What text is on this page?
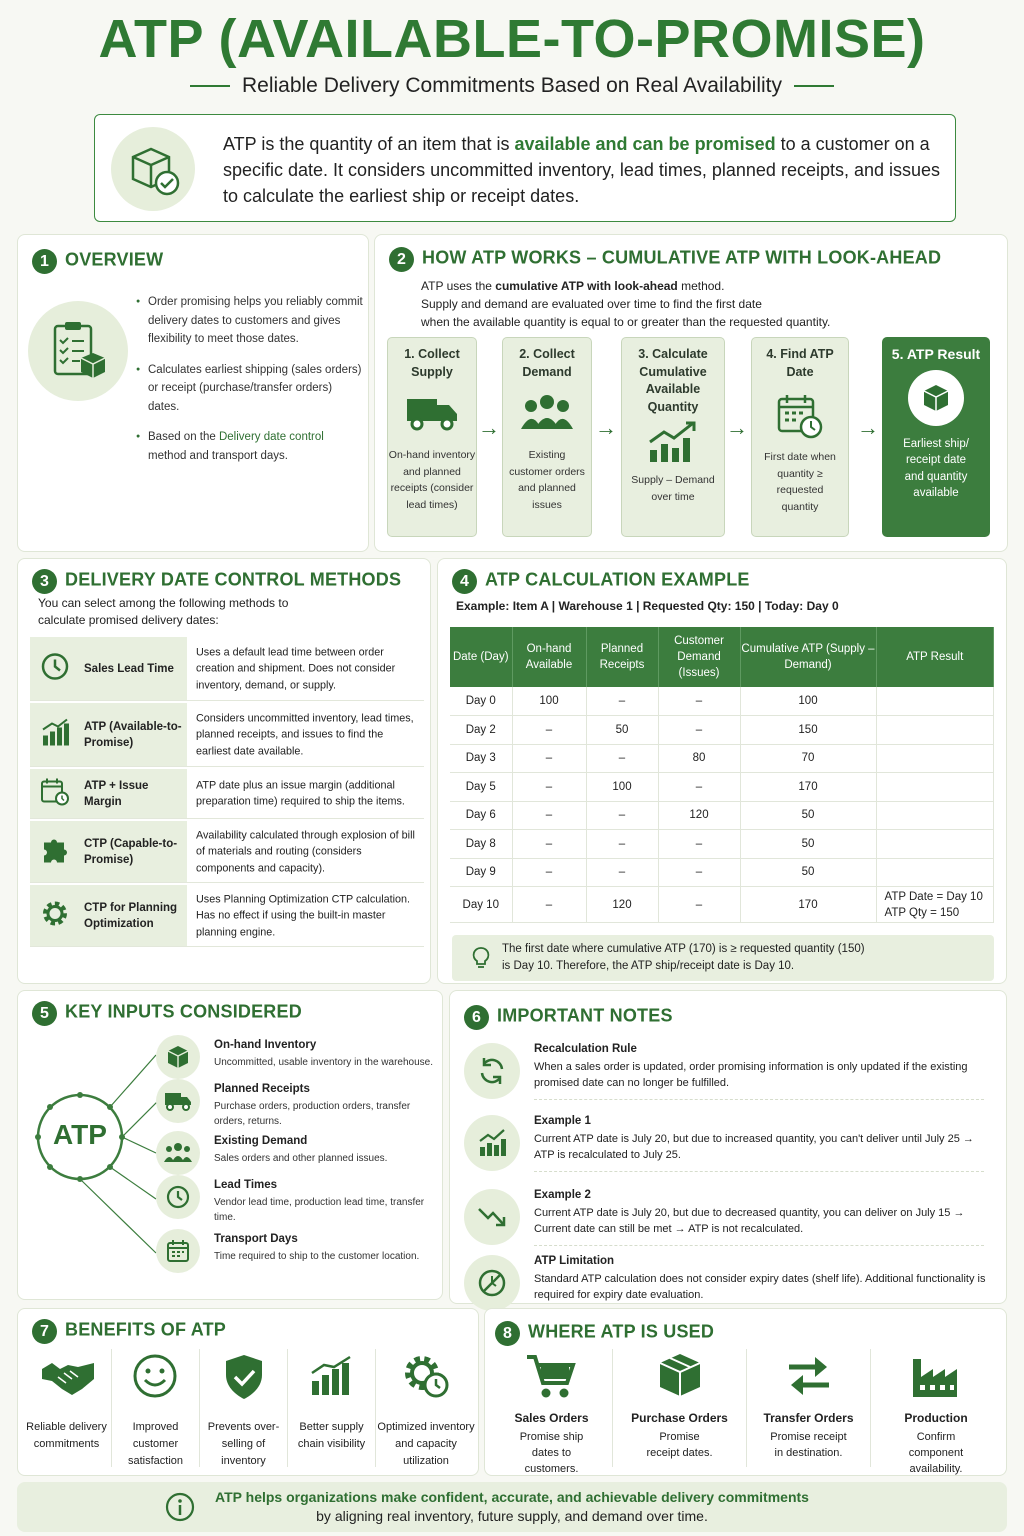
ATP (AVAILABLE-TO-PROMISE)
Reliable Delivery Commitments Based on Real Availability
ATP is the quantity of an item that is available and can be promised to a customer on a specific date. It considers uncommitted inventory, lead times, planned receipts, and issues to calculate the earliest ship or receipt dates.
1 OVERVIEW
● Order promising helps you reliably commit delivery dates to customers and gives flexibility to meet those dates.
● Calculates earliest shipping (sales orders) or receipt (purchase/transfer orders) dates.
● Based on the Delivery date control method and transport days.
2 HOW ATP WORKS – CUMULATIVE ATP WITH LOOK-AHEAD
ATP uses the cumulative ATP with look-ahead method.
Supply and demand are evaluated over time to find the first date
when the available quantity is equal to or greater than the requested quantity.
1. Collect Supply
On-hand inventory and planned receipts (consider lead times)
→
2. Collect Demand
Existing customer orders and planned issues
→
3. Calculate Cumulative Available Quantity
Supply – Demand over time
→
4. Find ATP Date
First date when quantity ≥ requested quantity
→
5. ATP Result
Earliest ship/ receipt date and quantity available
3 DELIVERY DATE CONTROL METHODS
You can select among the following methods to
calculate promised delivery dates:
Sales Lead Time
Uses a default lead time between order creation and shipment. Does not consider inventory, demand, or supply.
ATP (Available-to-Promise)
Considers uncommitted inventory, lead times, planned receipts, and issues to find the earliest date available.
ATP + Issue Margin
ATP date plus an issue margin (additional preparation time) required to ship the items.
CTP (Capable-to-Promise)
Availability calculated through explosion of bill of materials and routing (considers components and capacity).
CTP for Planning Optimization
Uses Planning Optimization CTP calculation. Has no effect if using the built-in master planning engine.
4 ATP CALCULATION EXAMPLE
Example: Item A | Warehouse 1 | Requested Qty: 150 | Today: Day 0
Date (Day)	On-hand Available	Planned Receipts	Customer Demand (Issues)	Cumulative ATP (Supply – Demand)	ATP Result
Day 0	100	–	–	100	
Day 2	–	50	–	150	
Day 3	–	–	80	70	
Day 5	–	100	–	170	
Day 6	–	–	120	50	
Day 8	–	–	–	50	
Day 9	–	–	–	50	
Day 10	–	120	–	170	ATP Date = Day 10
ATP Qty = 150
The first date where cumulative ATP (170) is ≥ requested quantity (150)
is Day 10. Therefore, the ATP ship/receipt date is Day 10.
5 KEY INPUTS CONSIDERED
ATP
On-hand Inventory
Uncommitted, usable inventory in the warehouse.
Planned Receipts
Purchase orders, production orders, transfer orders, returns.
Existing Demand
Sales orders and other planned issues.
Lead Times
Vendor lead time, production lead time, transfer time.
Transport Days
Time required to ship to the customer location.
6 IMPORTANT NOTES
Recalculation Rule
When a sales order is updated, order promising information is only updated if the existing promised date can no longer be fulfilled.
Example 1
Current ATP date is July 20, but due to increased quantity, you can't deliver until July 25 → ATP is recalculated to July 25.
Example 2
Current ATP date is July 20, but due to decreased quantity, you can deliver on July 15 → Current date can still be met → ATP is not recalculated.
ATP Limitation
Standard ATP calculation does not consider expiry dates (shelf life). Additional functionality is required for expiry date evaluation.
7 BENEFITS OF ATP
Reliable delivery commitments
Improved customer satisfaction
Prevents over-selling of inventory
Better supply chain visibility
Optimized inventory and capacity utilization
8 WHERE ATP IS USED
Sales Orders
Promise ship dates to customers.
Purchase Orders
Promise receipt dates.
Transfer Orders
Promise receipt in destination.
Production
Confirm component availability.
ATP helps organizations make confident, accurate, and achievable delivery commitments
by aligning real inventory, future supply, and demand over time.
